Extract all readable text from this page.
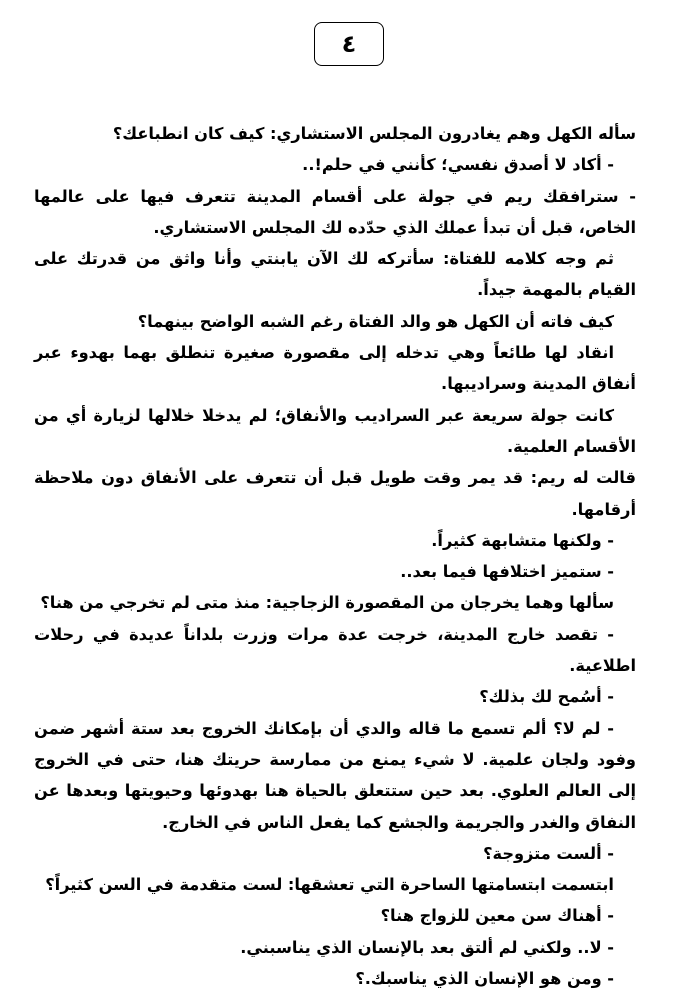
٤

سأله الكهل وهم يغادرون المجلس الاستشاري: كيف كان انطباعك؟

- أكاد لا أصدق نفسي؛ كأنني في حلم!..

- سترافقك ريم في جولة على أقسام المدينة تتعرف فيها على عالمها الخاص، قبل أن تبدأ عملك الذي حدّده لك المجلس الاستشاري.

ثم وجه كلامه للفتاة: سأتركه لك الآن يابنتي وأنا واثق من قدرتك على القيام بالمهمة جيداً.

كيف فاته أن الكهل هو والد الفتاة رغم الشبه الواضح بينهما؟

انقاد لها طائعاً وهي تدخله إلى مقصورة صغيرة تنطلق بهما بهدوء عبر أنفاق المدينة وسراديبها.

كانت جولة سريعة عبر السراديب والأنفاق؛ لم يدخلا خلالها لزيارة أي من الأقسام العلمية.

قالت له ريم: قد يمر وقت طويل قبل أن تتعرف على الأنفاق دون ملاحظة أرقامها.

- ولكنها متشابهة كثيراً.

- ستميز اختلافها فيما بعد..

سألها وهما يخرجان من المقصورة الزجاجية: منذ متى لم تخرجي من هنا؟

- تقصد خارج المدينة، خرجت عدة مرات وزرت بلداناً عديدة في رحلات اطلاعية.

- أسُمح لك بذلك؟

- لم لا؟ ألم تسمع ما قاله والدي أن بإمكانك الخروج بعد ستة أشهر ضمن وفود ولجان علمية. لا شيء يمنع من ممارسة حريتك هنا، حتى في الخروج إلى العالم العلوي. بعد حين ستتعلق بالحياة هنا بهدوئها وحيويتها وبعدها عن النفاق والغدر والجريمة والجشع كما يفعل الناس في الخارج.

- ألست متزوجة؟

ابتسمت ابتسامتها الساحرة التي تعشقها: لست متقدمة في السن كثيراً؟

- أهناك سن معين للزواج هنا؟

- لا.. ولكني لم ألتق بعد بالإنسان الذي يناسبني.

- ومن هو الإنسان الذي يناسبك.؟
